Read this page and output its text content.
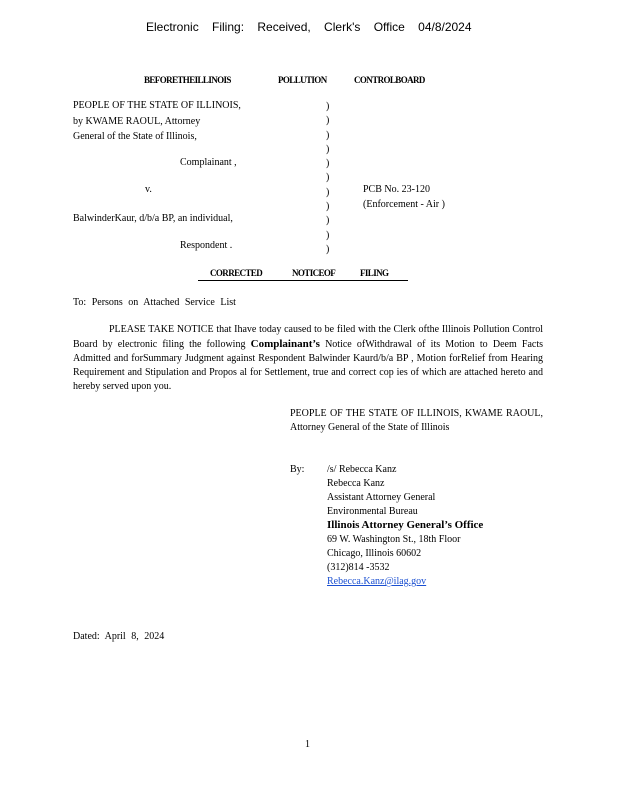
Electronic Filing: Received, Clerk's Office 04/8/2024
BEFORETHEILLINOIS	POLLUTION	CONTROLBOARD
PEOPLE OF THE STATE OF ILLINOIS,
by KWAME RAOUL, Attorney
General of the State of Illinois,
Complainant ,
v.
BalwinderKaur, d/b/a BP, an individual,
Respondent .
)
)
)
)
)
)
)
)
)
)
)
PCB No. 23-120
(Enforcement - Air )
CORRECTED	NOTICEOF	FILING
To: Persons on Attached Service List
PLEASE TAKE NOTICE that Ihave today caused to be filed with the Clerk ofthe Illinois Pollution Control Board by electronic filing the following Complainant’s Notice ofWithdrawal of its Motion to Deem Facts Admitted and forSummary Judgment against Respondent Balwinder Kaurd/b/a BP , Motion forRelief from Hearing Requirement and Stipulation and Propos al for Settlement, true and correct cop ies of which are attached hereto and hereby served upon you.
PEOPLE OF THE STATE OF ILLINOIS, KWAME RAOUL, Attorney General of the State of Illinois
By: /s/ Rebecca Kanz
Rebecca Kanz
Assistant Attorney General
Environmental Bureau
Illinois Attorney General’s Office
69 W. Washington St., 18th Floor
Chicago, Illinois 60602
(312)814 -3532
Rebecca.Kanz@ilag.gov
Dated: April 8, 2024
1
